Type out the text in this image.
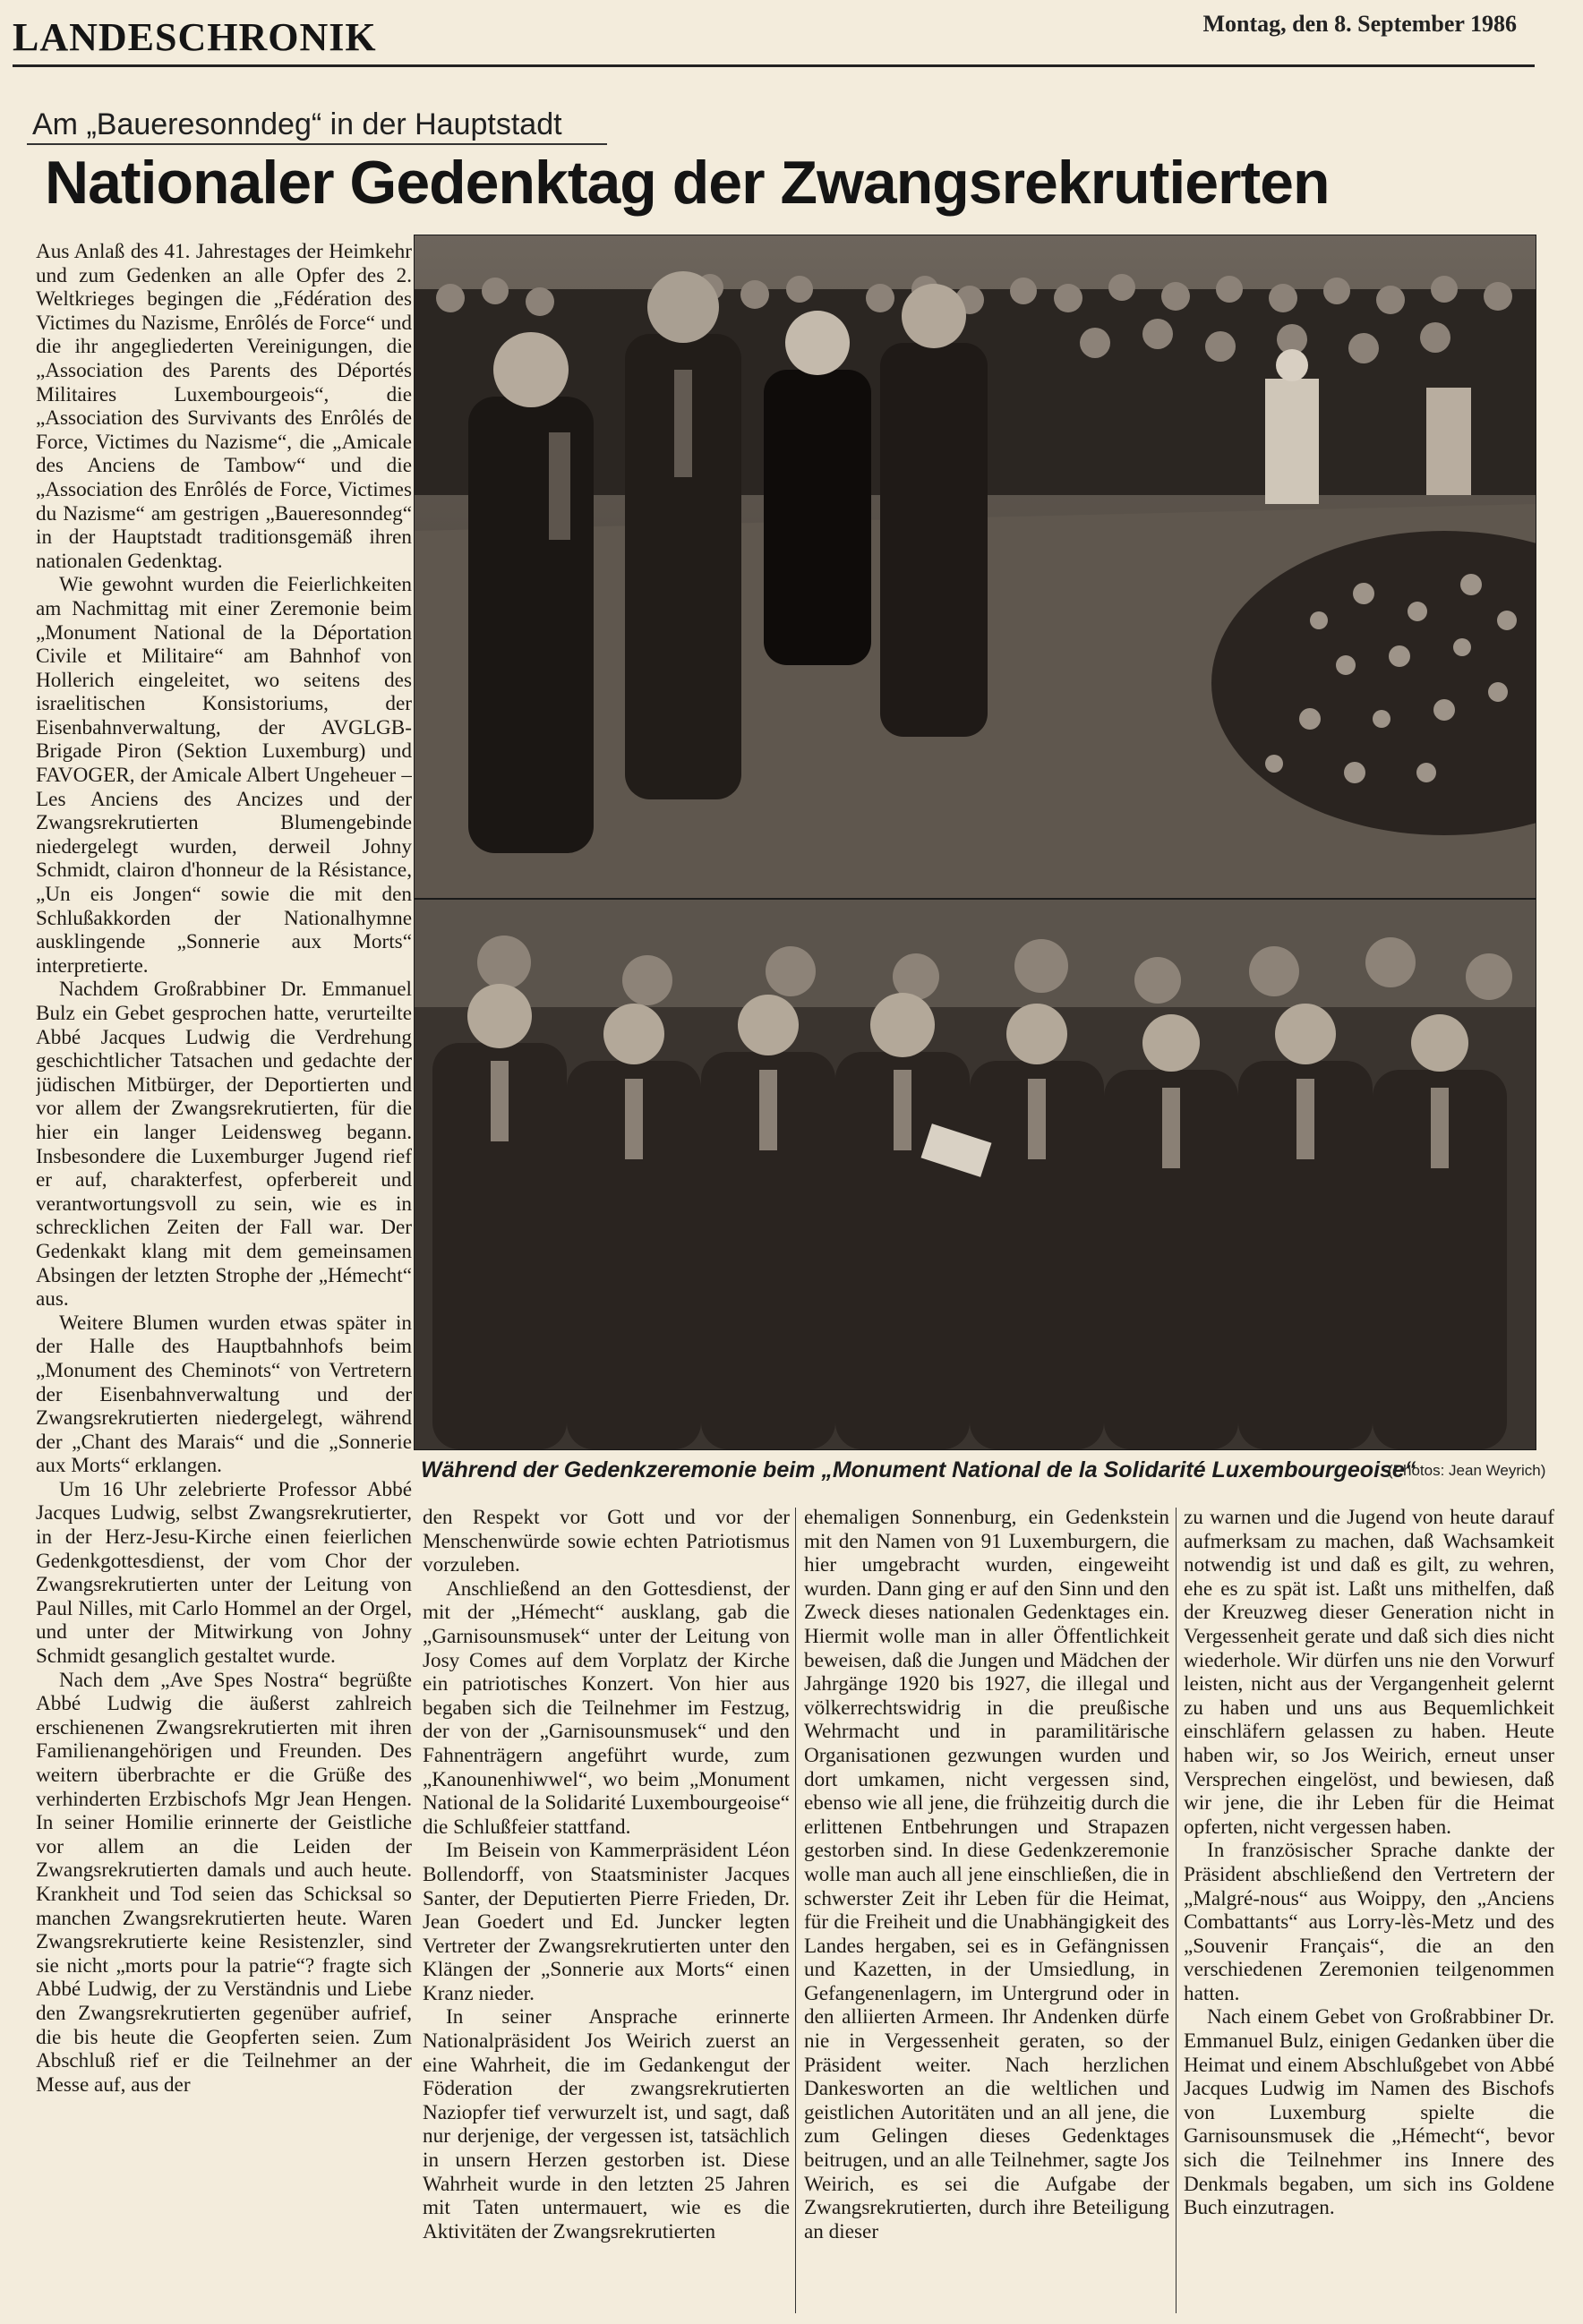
LANDESCHRONIK	Montag, den 8. September 1986
Am „Baueresonndeg“ in der Hauptstadt
Nationaler Gedenktag der Zwangsrekrutierten

Aus Anlaß des 41. Jahrestages der Heimkehr und zum Gedenken an alle Opfer des 2. Weltkrieges begingen die „Fédération des Victimes du Nazisme, Enrôlés de Force“ und die ihr angegliederten Vereinigungen, die „Association des Parents des Déportés Militaires Luxembourgeois“, die „Association des Survivants des Enrôlés de Force, Victimes du Nazisme“, die „Amicale des Anciens de Tambow“ und die „Association des Enrôlés de Force, Victimes du Nazisme“ am gestrigen „Baueresonndeg“ in der Hauptstadt traditionsgemäß ihren nationalen Gedenktag.

Wie gewohnt wurden die Feierlichkeiten am Nachmittag mit einer Zeremonie beim „Monument National de la Déportation Civile et Militaire“ am Bahnhof von Hollerich eingeleitet, wo seitens des israelitischen Konsistoriums, der Eisenbahnverwaltung, der AVGLGB-Brigade Piron (Sektion Luxemburg) und FAVOGER, der Amicale Albert Ungeheuer – Les Anciens des Ancizes und der Zwangsrekrutierten Blumengebinde niedergelegt wurden, derweil Johny Schmidt, clairon d'honneur de la Résistance, „Un eis Jongen“ sowie die mit den Schlußakkorden der Nationalhymne ausklingende „Sonnerie aux Morts“ interpretierte.

Nachdem Großrabbiner Dr. Emmanuel Bulz ein Gebet gesprochen hatte, verurteilte Abbé Jacques Ludwig die Verdrehung geschichtlicher Tatsachen und gedachte der jüdischen Mitbürger, der Deportierten und vor allem der Zwangsrekrutierten, für die hier ein langer Leidensweg begann. Insbesondere die Luxemburger Jugend rief er auf, charakterfest, opferbereit und verantwortungsvoll zu sein, wie es in schrecklichen Zeiten der Fall war. Der Gedenkakt klang mit dem gemeinsamen Absingen der letzten Strophe der „Hémecht“ aus.

Weitere Blumen wurden etwas später in der Halle des Hauptbahnhofs beim „Monument des Cheminots“ von Vertretern der Eisenbahnverwaltung und der Zwangsrekrutierten niedergelegt, während der „Chant des Marais“ und die „Sonnerie aux Morts“ erklangen.

Um 16 Uhr zelebrierte Professor Abbé Jacques Ludwig, selbst Zwangsrekrutierter, in der Herz-Jesu-Kirche einen feierlichen Gedenkgottesdienst, der vom Chor der Zwangsrekrutierten unter der Leitung von Paul Nilles, mit Carlo Hommel an der Orgel, und unter der Mitwirkung von Johny Schmidt gesanglich gestaltet wurde.

Nach dem „Ave Spes Nostra“ begrüßte Abbé Ludwig die äußerst zahlreich erschienenen Zwangsrekrutierten mit ihren Familienangehörigen und Freunden. Des weitern überbrachte er die Grüße des verhinderten Erzbischofs Mgr Jean Hengen. In seiner Homilie erinnerte der Geistliche vor allem an die Leiden der Zwangsrekrutierten damals und auch heute. Krankheit und Tod seien das Schicksal so manchen Zwangsrekrutierten heute. Waren Zwangsrekrutierte keine Resistenzler, sind sie nicht „morts pour la patrie“? fragte sich Abbé Ludwig, der zu Verständnis und Liebe den Zwangsrekrutierten gegenüber aufrief, die bis heute die Geopferten seien. Zum Abschluß rief er die Teilnehmer an der Messe auf, aus der

Während der Gedenkzeremonie beim „Monument National de la Solidarité Luxembourgeoise“
(Photos: Jean Weyrich)

den Respekt vor Gott und vor der Menschenwürde sowie echten Patriotismus vorzuleben.

Anschließend an den Gottesdienst, der mit der „Hémecht“ ausklang, gab die „Garnisounsmusek“ unter der Leitung von Josy Comes auf dem Vorplatz der Kirche ein patriotisches Konzert. Von hier aus begaben sich die Teilnehmer im Festzug, der von der „Garnisounsmusek“ und den Fahnenträgern angeführt wurde, zum „Kanounenhiwwel“, wo beim „Monument National de la Solidarité Luxembourgeoise“ die Schlußfeier stattfand.

Im Beisein von Kammerpräsident Léon Bollendorff, von Staatsminister Jacques Santer, der Deputierten Pierre Frieden, Dr. Jean Goedert und Ed. Juncker legten Vertreter der Zwangsrekrutierten unter den Klängen der „Sonnerie aux Morts“ einen Kranz nieder.

In seiner Ansprache erinnerte Nationalpräsident Jos Weirich zuerst an eine Wahrheit, die im Gedankengut der Föderation der zwangsrekrutierten Naziopfer tief verwurzelt ist, und sagt, daß nur derjenige, der vergessen ist, tatsächlich in unsern Herzen gestorben ist. Diese Wahrheit wurde in den letzten 25 Jahren mit Taten untermauert, wie es die Aktivitäten der Zwangsrekrutierten

ehemaligen Sonnenburg, ein Gedenkstein mit den Namen von 91 Luxemburgern, die hier umgebracht wurden, eingeweiht wurden. Dann ging er auf den Sinn und den Zweck dieses nationalen Gedenktages ein. Hiermit wolle man in aller Öffentlichkeit beweisen, daß die Jungen und Mädchen der Jahrgänge 1920 bis 1927, die illegal und völkerrechtswidrig in die preußische Wehrmacht und in paramilitärische Organisationen gezwungen wurden und dort umkamen, nicht vergessen sind, ebenso wie all jene, die frühzeitig durch die erlittenen Entbehrungen und Strapazen gestorben sind. In diese Gedenkzeremonie wolle man auch all jene einschließen, die in schwerster Zeit ihr Leben für die Heimat, für die Freiheit und die Unabhängigkeit des Landes hergaben, sei es in Gefängnissen und Kazetten, in der Umsiedlung, in Gefangenenlagern, im Untergrund oder in den alliierten Armeen. Ihr Andenken dürfe nie in Vergessenheit geraten, so der Präsident weiter. Nach herzlichen Dankesworten an die weltlichen und geistlichen Autoritäten und an all jene, die zum Gelingen dieses Gedenktages beitrugen, und an alle Teilnehmer, sagte Jos Weirich, es sei die Aufgabe der Zwangsrekrutierten, durch ihre Beteiligung an dieser

zu warnen und die Jugend von heute darauf aufmerksam zu machen, daß Wachsamkeit notwendig ist und daß es gilt, zu wehren, ehe es zu spät ist. Laßt uns mithelfen, daß der Kreuzweg dieser Generation nicht in Vergessenheit gerate und daß sich dies nicht wiederhole. Wir dürfen uns nie den Vorwurf leisten, nicht aus der Vergangenheit gelernt zu haben und uns aus Bequemlichkeit einschläfern gelassen zu haben. Heute haben wir, so Jos Weirich, erneut unser Versprechen eingelöst, und bewiesen, daß wir jene, die ihr Leben für die Heimat opferten, nicht vergessen haben.

In französischer Sprache dankte der Präsident abschließend den Vertretern der „Malgré-nous“ aus Woippy, den „Anciens Combattants“ aus Lorry-lès-Metz und des „Souvenir Français“, die an den verschiedenen Zeremonien teilgenommen hatten.

Nach einem Gebet von Großrabbiner Dr. Emmanuel Bulz, einigen Gedanken über die Heimat und einem Abschlußgebet von Abbé Jacques Ludwig im Namen des Bischofs von Luxemburg spielte die Garnisounsmusek die „Hémecht“, bevor sich die Teilnehmer ins Innere des Denkmals begaben, um sich ins Goldene Buch einzutragen.
